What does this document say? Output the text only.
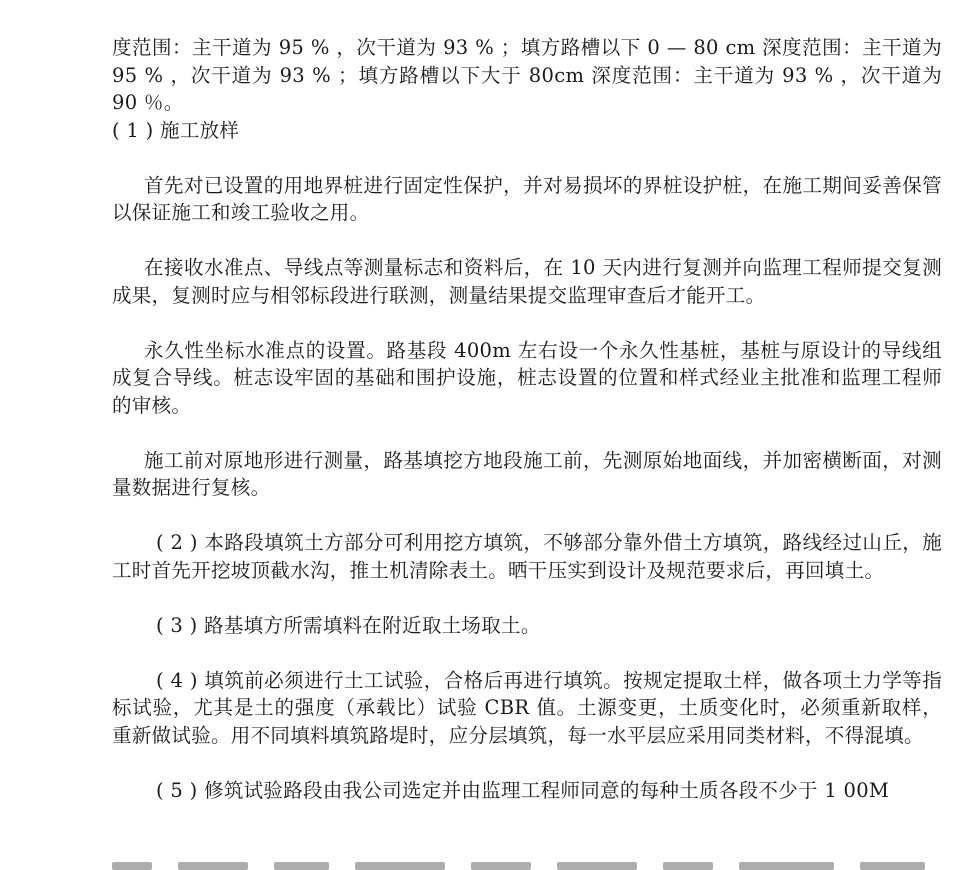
度范围：主干道为 95 % ，次干道为 93 % ；填方路槽以下 0 — 80 cm 深度范围：主干道为 95 % ，次干道为 93 % ；填方路槽以下大于 80cm 深度范围：主干道为 93 % ，次干道为 90 ％。

( 1 ) 施工放样

首先对已设置的用地界桩进行固定性保护，并对易损坏的界桩设护桩，在施工期间妥善保管以保证施工和竣工验收之用。

在接收水准点、导线点等测量标志和资料后，在 10 天内进行复测并向监理工程师提交复测成果，复测时应与相邻标段进行联测，测量结果提交监理审查后才能开工。

永久性坐标水准点的设置。路基段 400m 左右设一个永久性基桩，基桩与原设计的导线组成复合导线。桩志设牢固的基础和围护设施，桩志设置的位置和样式经业主批准和监理工程师的审核。

施工前对原地形进行测量，路基填挖方地段施工前，先测原始地面线，并加密横断面，对测量数据进行复核。

( 2 ) 本路段填筑土方部分可利用挖方填筑，不够部分靠外借土方填筑，路线经过山丘，施工时首先开挖坡顶截水沟，推土机清除表土。晒干压实到设计及规范要求后，再回填土。

( 3 ) 路基填方所需填料在附近取土场取土。

( 4 ) 填筑前必须进行土工试验，合格后再进行填筑。按规定提取土样，做各项土力学等指标试验，尤其是土的强度（承载比）试验 CBR 值。土源变更，土质变化时，必须重新取样，重新做试验。用不同填料填筑路堤时，应分层填筑，每一水平层应采用同类材料，不得混填。

( 5 ) 修筑试验路段由我公司选定并由监理工程师同意的每种土质各段不少于 1 00M
